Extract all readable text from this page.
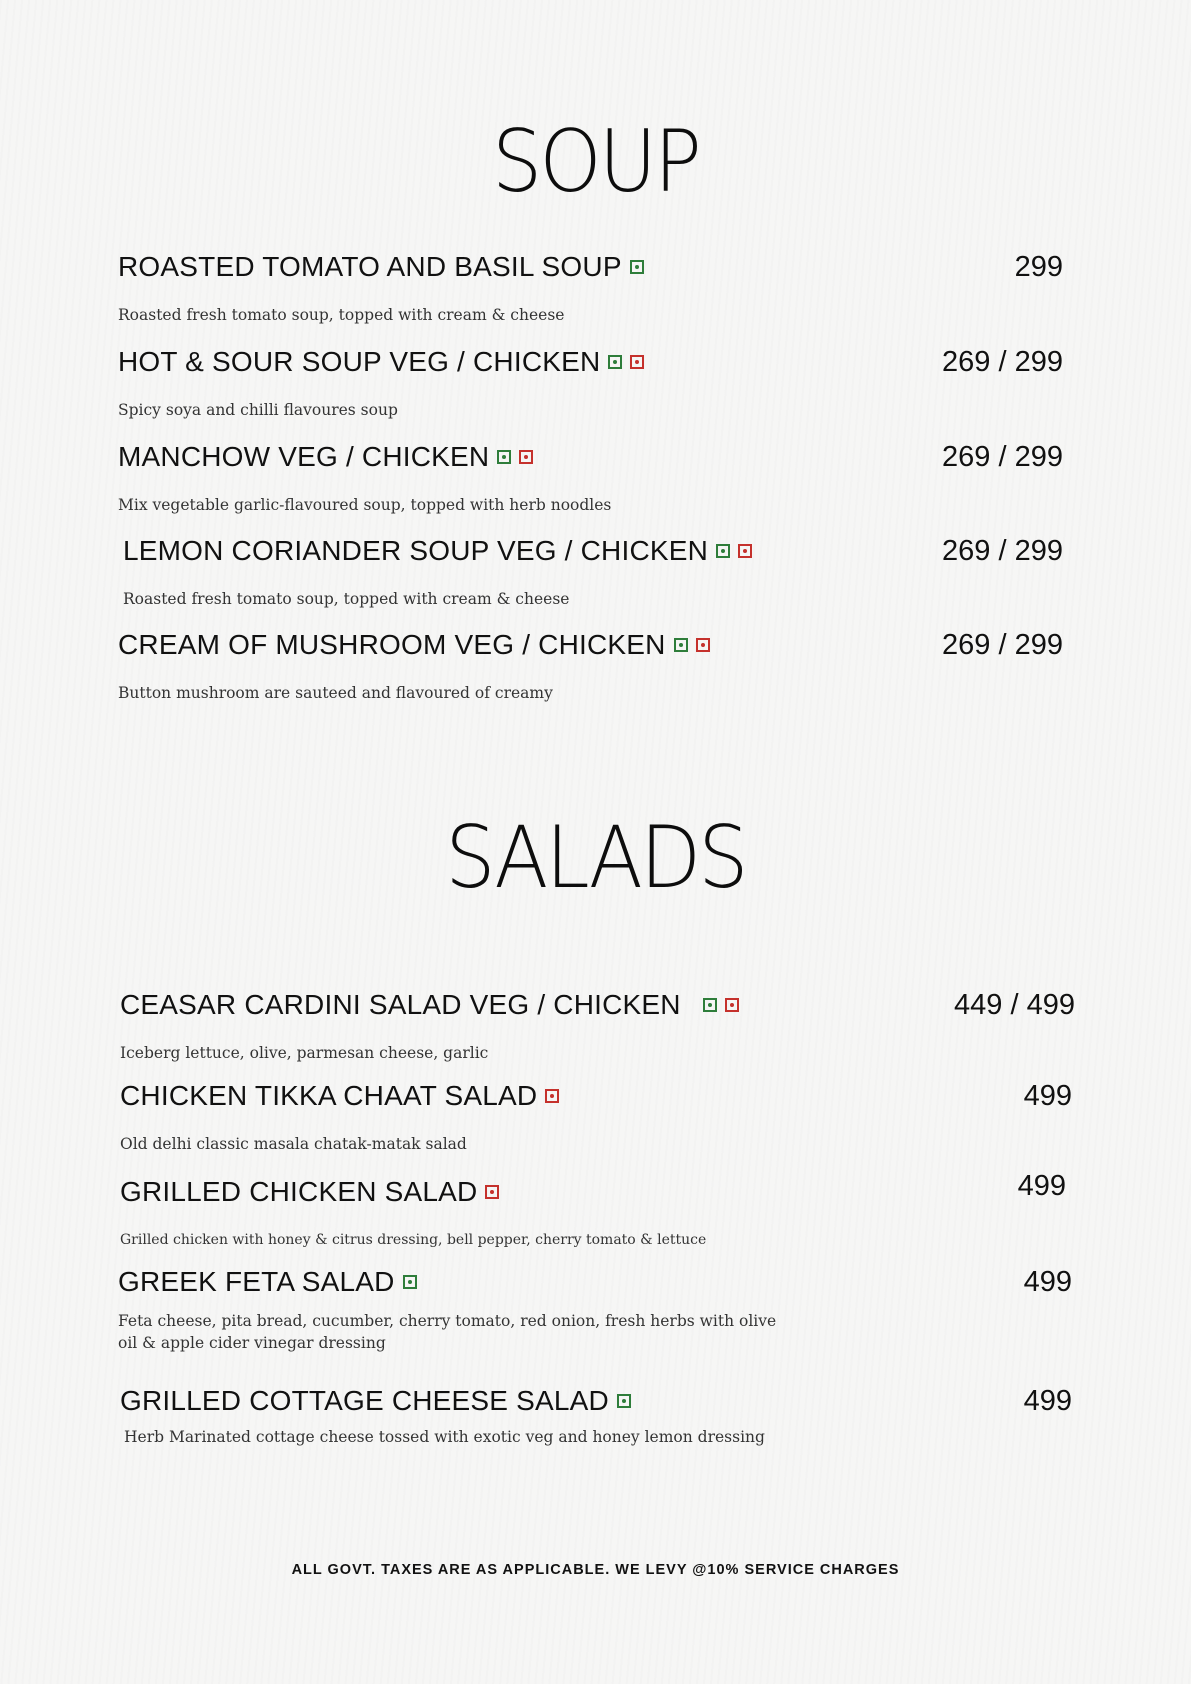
SOUP
ROASTED TOMATO AND BASIL SOUP
Roasted fresh tomato soup, topped with cream & cheese
299
HOT & SOUR SOUP VEG / CHICKEN
Spicy soya and chilli flavoures soup
269 / 299
MANCHOW VEG / CHICKEN
Mix vegetable garlic-flavoured soup, topped with herb noodles
269 / 299
LEMON CORIANDER SOUP VEG / CHICKEN
Roasted fresh tomato soup, topped with cream & cheese
269 / 299
CREAM OF MUSHROOM VEG / CHICKEN
Button mushroom are sauteed and flavoured of creamy
269 / 299
SALADS
CEASAR CARDINI SALAD VEG / CHICKEN
Iceberg lettuce, olive, parmesan cheese, garlic
449 / 499
CHICKEN TIKKA CHAAT SALAD
Old delhi classic masala chatak-matak salad
499
GRILLED CHICKEN SALAD
Grilled chicken with honey & citrus dressing, bell pepper, cherry tomato & lettuce
499
GREEK FETA SALAD
Feta cheese, pita bread, cucumber, cherry tomato, red onion, fresh herbs with olive
oil & apple cider vinegar dressing
499
GRILLED COTTAGE CHEESE SALAD
Herb Marinated cottage cheese tossed with exotic veg and honey lemon dressing
499
ALL GOVT. TAXES ARE AS APPLICABLE. WE LEVY @10% SERVICE CHARGES
